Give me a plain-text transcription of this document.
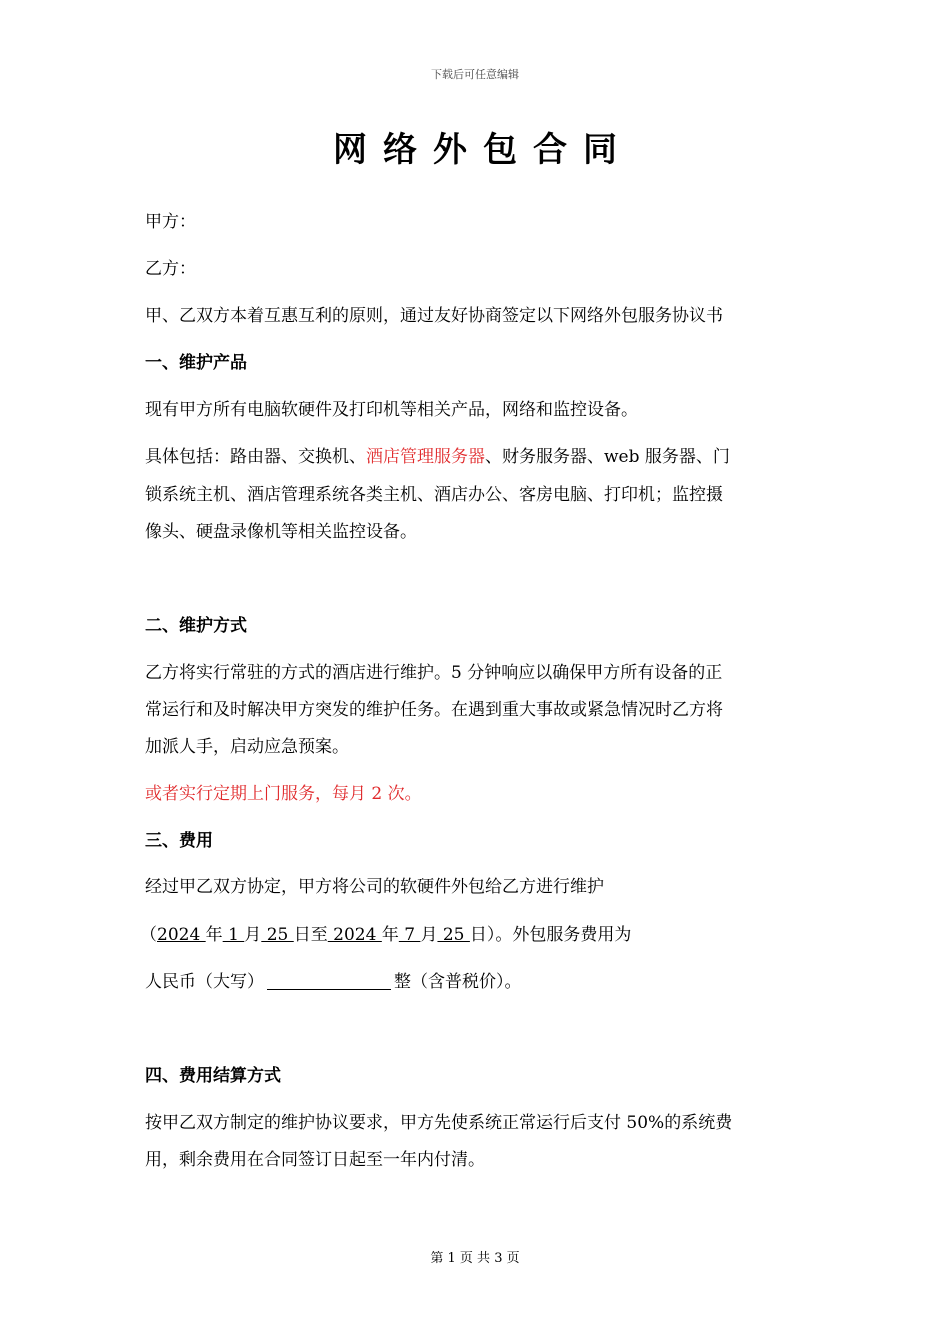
下载后可任意编辑
网络外包合同
甲方：
乙方：
甲、乙双方本着互惠互利的原则，通过友好协商签定以下网络外包服务协议书
一、维护产品
现有甲方所有电脑软硬件及打印机等相关产品，网络和监控设备。
具体包括：路由器、交换机、酒店管理服务器、财务服务器、web 服务器、门
锁系统主机、酒店管理系统各类主机、酒店办公、客房电脑、打印机；监控摄
像头、硬盘录像机等相关监控设备。
二、维护方式
乙方将实行常驻的方式的酒店进行维护。5 分钟响应以确保甲方所有设备的正
常运行和及时解决甲方突发的维护任务。在遇到重大事故或紧急情况时乙方将
加派人手，启动应急预案。
或者实行定期上门服务，每月 2 次。
三、费用
经过甲乙双方协定，甲方将公司的软硬件外包给乙方进行维护
（2024 年 1 月 25 日至 2024 年 7 月 25 日）。外包服务费用为
人民币（大写）	整（含普税价）。
四、费用结算方式
按甲乙双方制定的维护协议要求，甲方先使系统正常运行后支付 50%的系统费
用，剩余费用在合同签订日起至一年内付清。
第 1 页 共 3 页
